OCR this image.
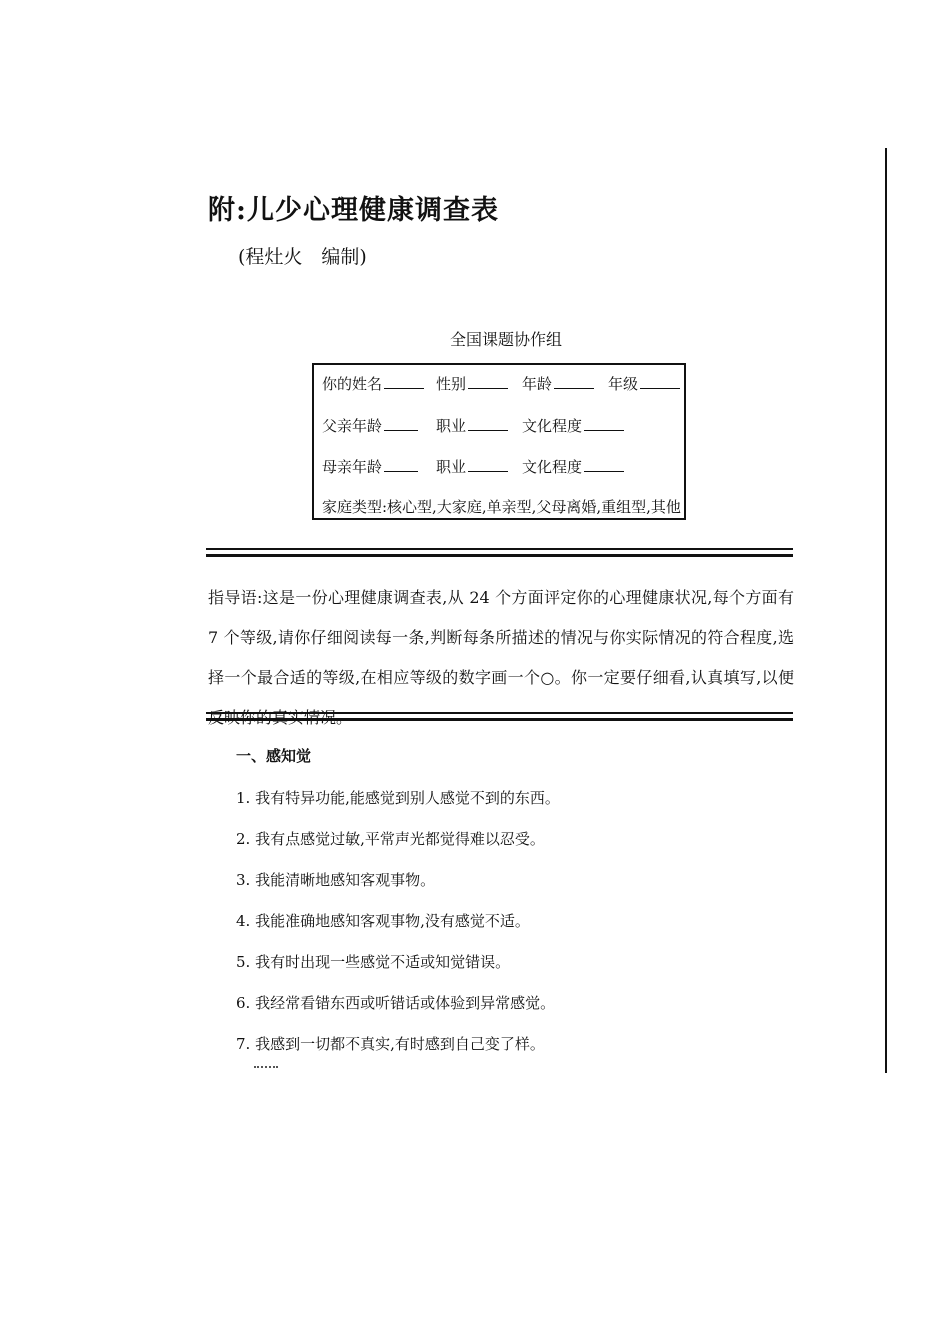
附:儿少心理健康调查表
(程灶火　编制)
全国课题协作组
你的姓名	性别	年龄	年级
父亲年龄	职业	文化程度
母亲年龄	职业	文化程度
家庭类型:核心型,大家庭,单亲型,父母离婚,重组型,其他

指导语:这是一份心理健康调查表,从 24 个方面评定你的心理健康状况,每个方面有 7 个等级,请你仔细阅读每一条,判断每条所描述的情况与你实际情况的符合程度,选择一个最合适的等级,在相应等级的数字画一个○。你一定要仔细看,认真填写,以便反映你的真实情况。

一、感知觉
1. 我有特异功能,能感觉到别人感觉不到的东西。
2. 我有点感觉过敏,平常声光都觉得难以忍受。
3. 我能清晰地感知客观事物。
4. 我能准确地感知客观事物,没有感觉不适。
5. 我有时出现一些感觉不适或知觉错误。
6. 我经常看错东西或听错话或体验到异常感觉。
7. 我感到一切都不真实,有时感到自己变了样。
